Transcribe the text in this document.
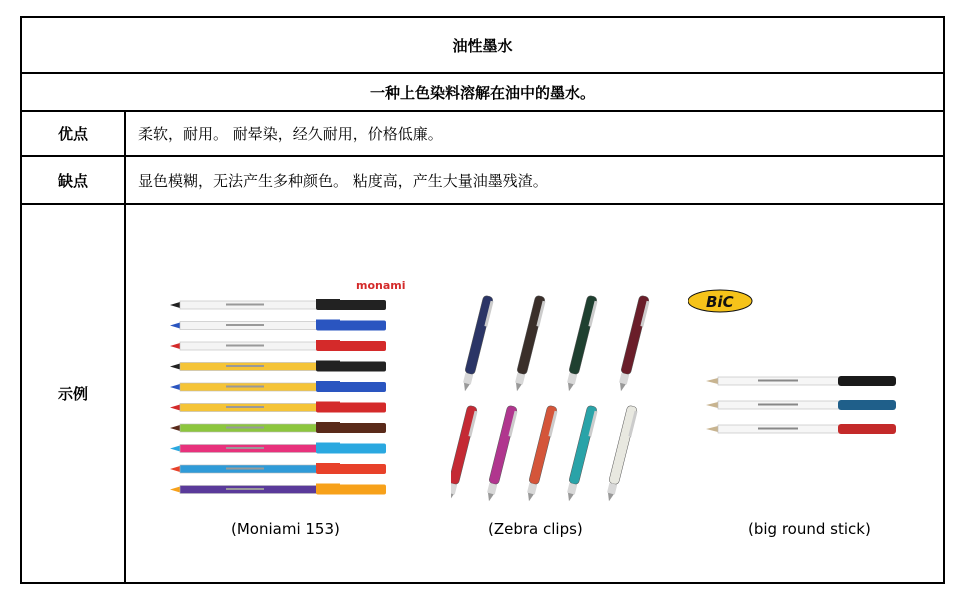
油性墨水
一种上色染料溶解在油中的墨水。
优点	柔软，耐用。 耐晕染，经久耐用，价格低廉。
缺点	显色模糊，无法产生多种颜色。 粘度高，产生大量油墨残渣。
示例
monami
BiC
(Moniami 153)	(Zebra clips)	(big round stick)
